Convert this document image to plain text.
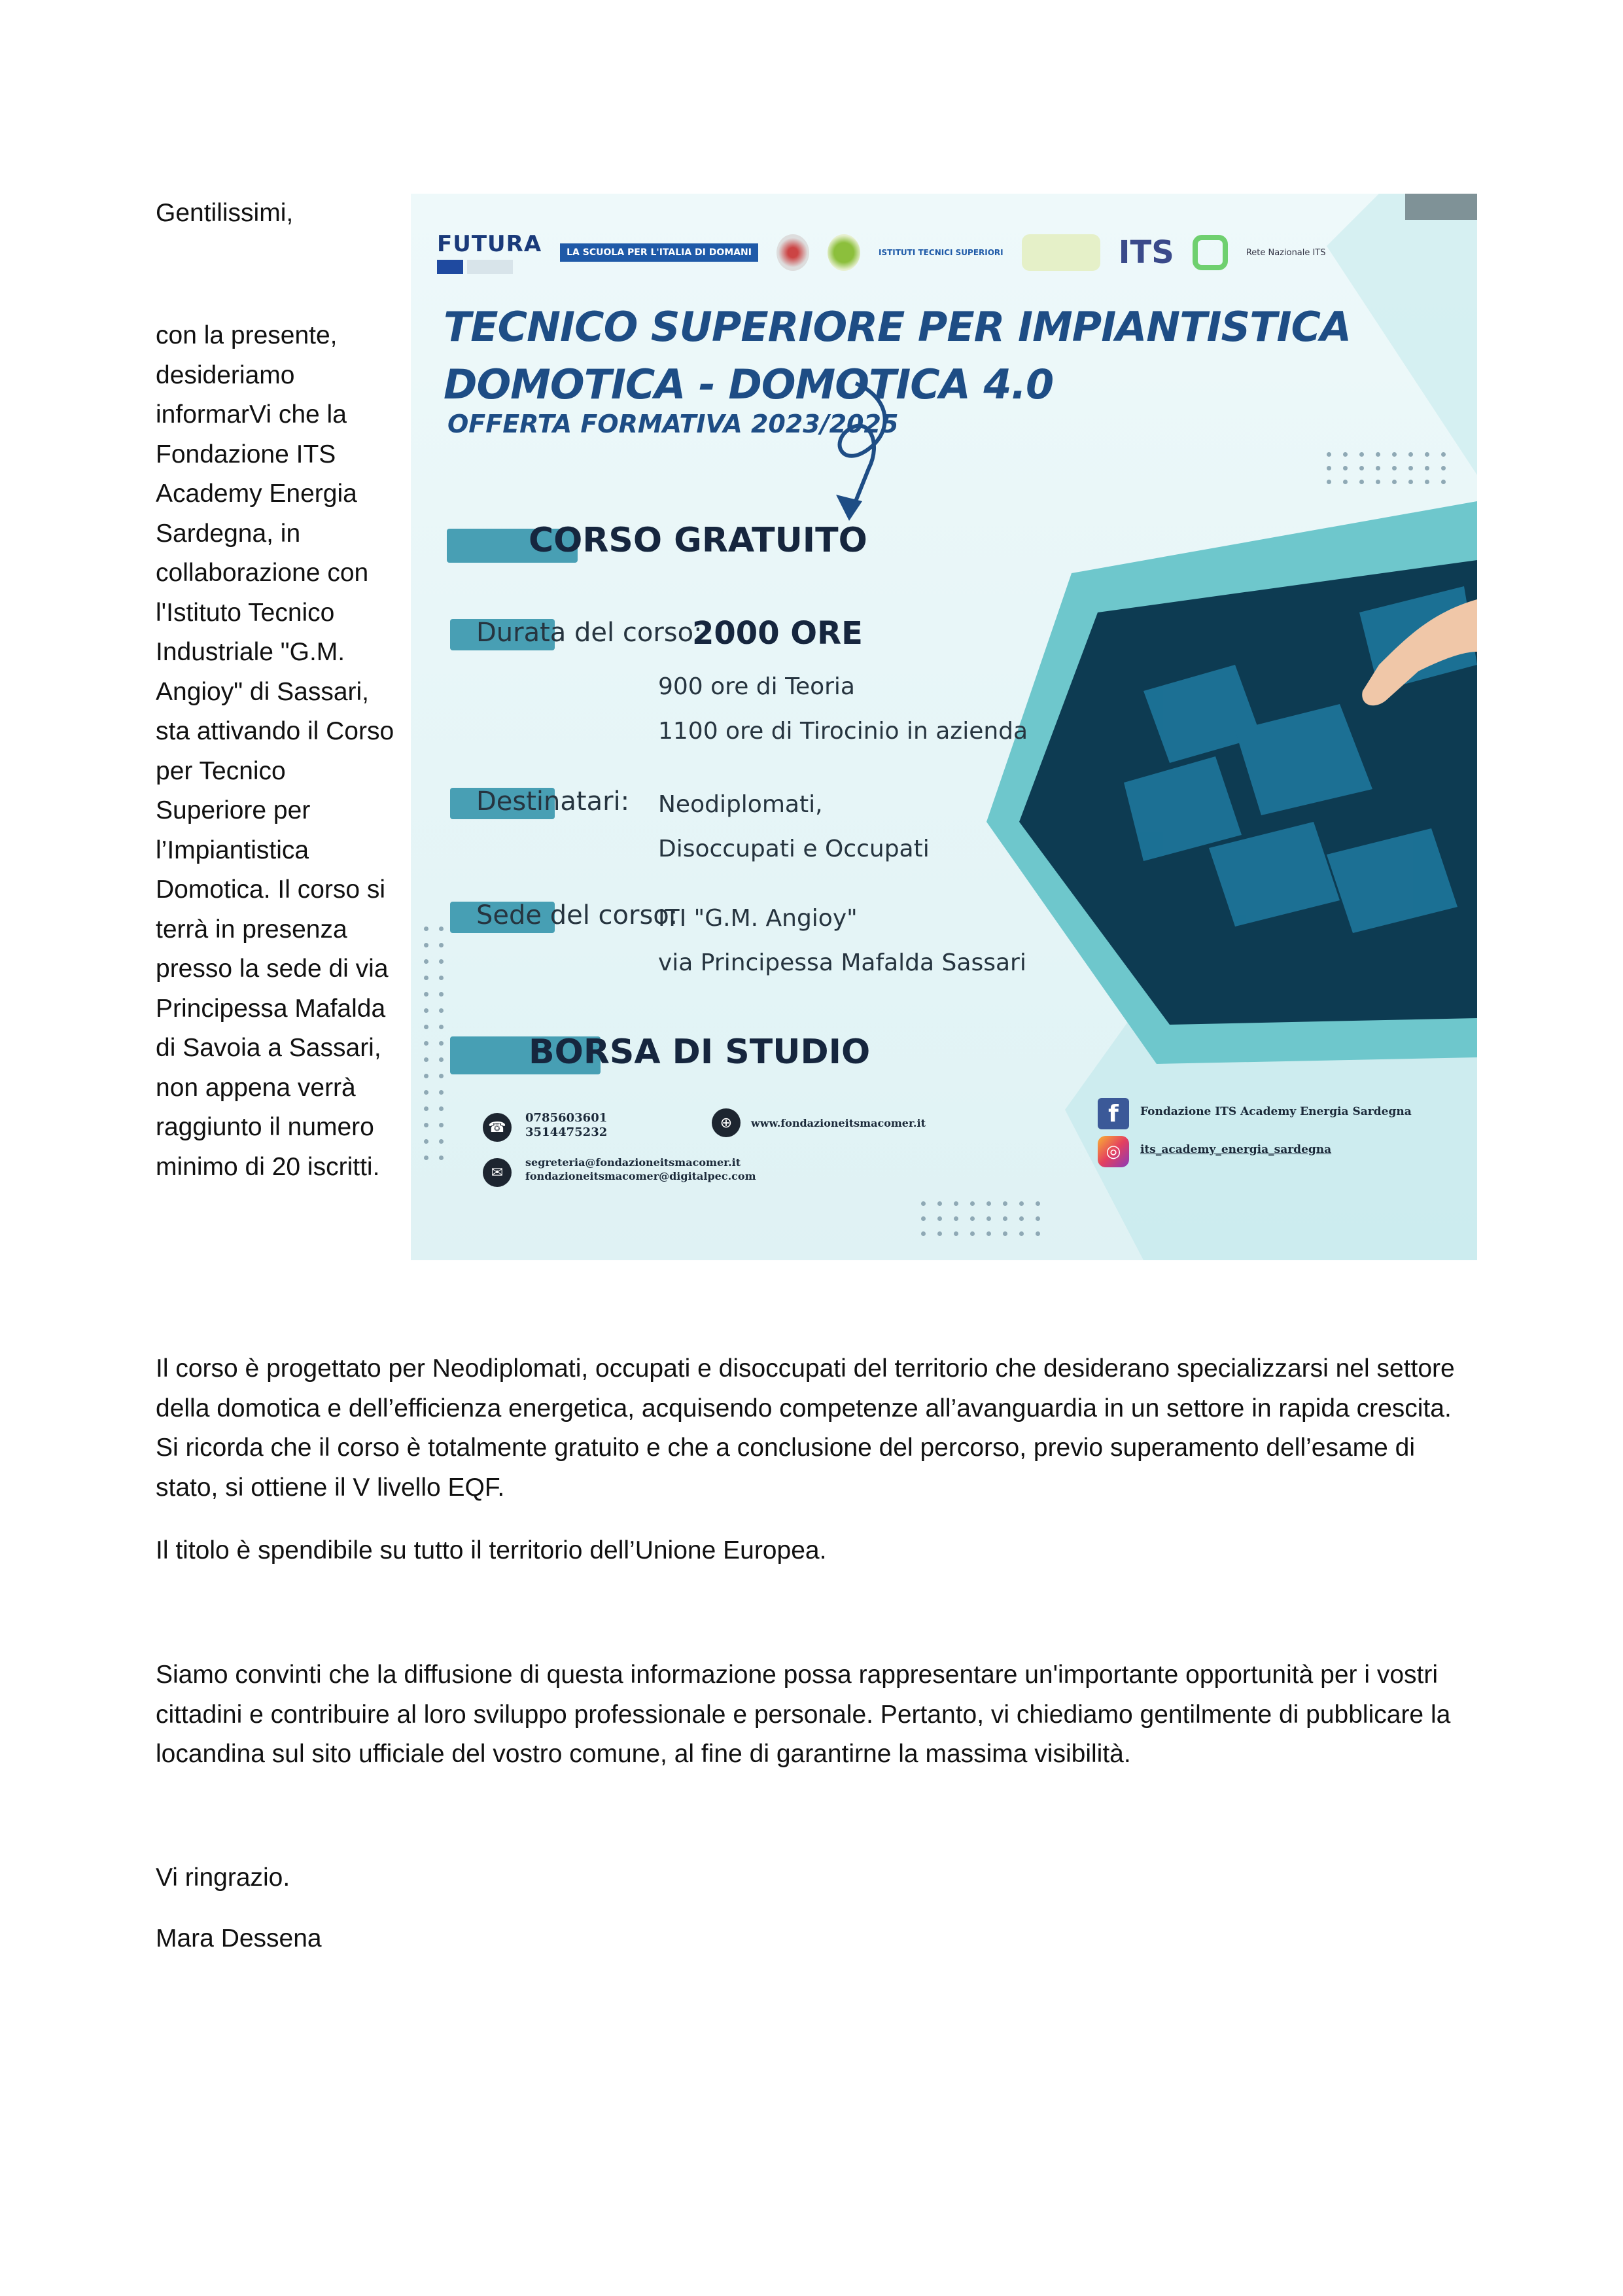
Gentilissimi,
con la presente, desideriamo informarVi che la Fondazione ITS Academy Energia Sardegna, in collaborazione con l'Istituto Tecnico Industriale "G.M. Angioy" di Sassari, sta attivando il Corso per Tecnico Superiore per l’Impiantistica Domotica. Il corso si terrà in presenza presso la sede di via Principessa Mafalda di Savoia a Sassari, non appena verrà raggiunto il numero minimo di 20 iscritti.
FUTURA	LA SCUOLA PER L'ITALIA DI DOMANI	ISTITUTI TECNICI SUPERIORI	ITS	Rete Nazionale ITS
TECNICO SUPERIORE PER IMPIANTISTICA DOMOTICA - DOMOTICA 4.0
OFFERTA FORMATIVA 2023/2025
CORSO GRATUITO
Durata del corso:
2000 ORE
900 ore di Teoria
1100 ore di Tirocinio in azienda
Destinatari: Neodiplomati,
Disoccupati e Occupati
Sede del corso:
ITI "G.M. Angioy"
via Principessa Mafalda Sassari
BORSA DI STUDIO
☎
0785603601
3514475232
✉
segreteria@fondazioneitsmacomer.it
fondazioneitsmacomer@digitalpec.com
⊕	www.fondazioneitsmacomer.it	f	Fondazione ITS Academy Energia Sardegna
◎	its_academy_energia_sardegna

Il corso è progettato per Neodiplomati, occupati e disoccupati del territorio che desiderano specializzarsi nel settore della domotica e dell’efficienza energetica, acquisendo competenze all’avanguardia in un settore in rapida crescita. Si ricorda che il corso è totalmente gratuito e che a conclusione del percorso, previo superamento dell’esame di stato, si ottiene il V livello EQF.

Il titolo è spendibile su tutto il territorio dell’Unione Europea.

Siamo convinti che la diffusione di questa informazione possa rappresentare un'importante opportunità per i vostri cittadini e contribuire al loro sviluppo professionale e personale. Pertanto, vi chiediamo gentilmente di pubblicare la locandina sul sito ufficiale del vostro comune, al fine di garantirne la massima visibilità.

Vi ringrazio.
Mara Dessena
